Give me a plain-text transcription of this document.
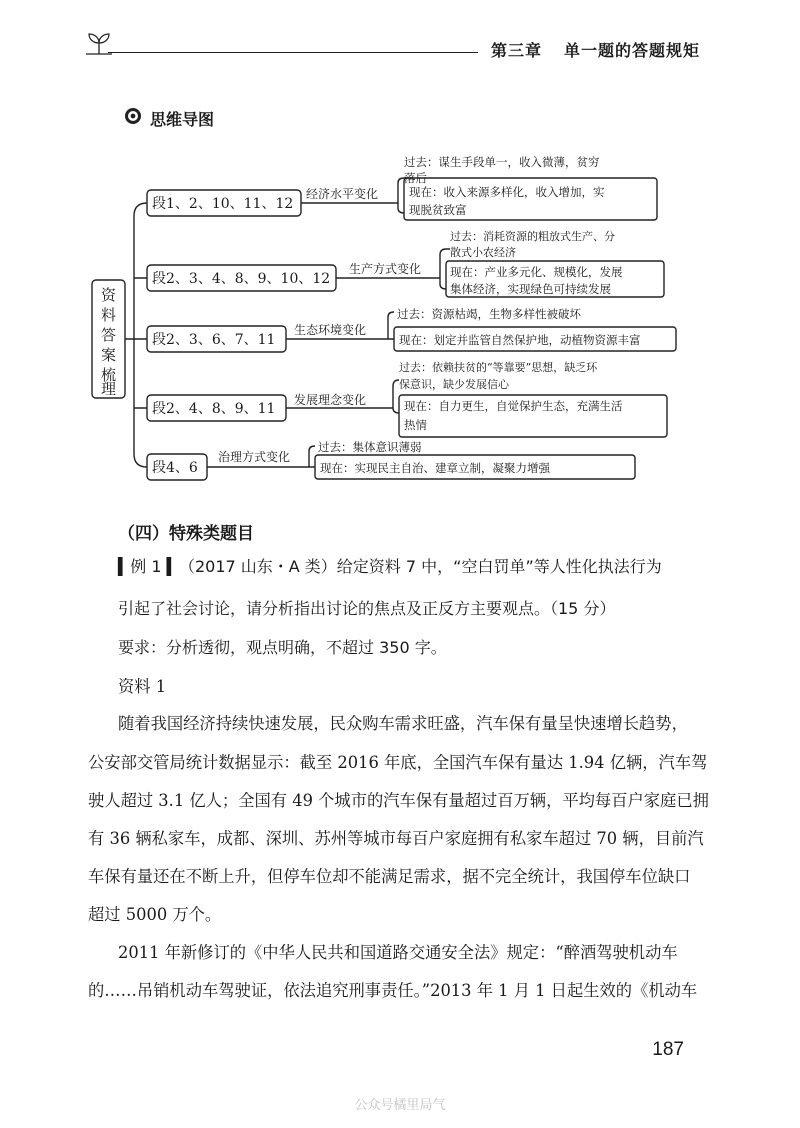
第三章 单一题的答题规矩
思维导图
资
料
答
案
梳
理
段1、2、10、11、12
经济水平变化
过去：谋生手段单一，收入微薄，贫穷
落后
现在：收入来源多样化，收入增加，实
现脱贫致富
段2、3、4、8、9、10、12
生产方式变化
过去：消耗资源的粗放式生产、分
散式小农经济
现在：产业多元化、规模化，发展
集体经济，实现绿色可持续发展
段2、3、6、7、11
生态环境变化
过去：资源枯竭，生物多样性被破坏
现在：划定并监管自然保护地，动植物资源丰富
段2、4、8、9、11
发展理念变化
过去：依赖扶贫的“等靠要”思想，缺乏环
保意识，缺少发展信心
现在：自力更生，自觉保护生态，充满生活
热情
段4、6
治理方式变化
过去：集体意识薄弱
现在：实现民主自治、建章立制，凝聚力增强
（四）特殊类题目
▍例 1 ▍（2017 山东・A 类）给定资料 7 中，“空白罚单”等人性化执法行为
引起了社会讨论，请分析指出讨论的焦点及正反方主要观点。（15 分）
要求：分析透彻，观点明确，不超过 350 字。
资料 1
随着我国经济持续快速发展，民众购车需求旺盛，汽车保有量呈快速增长趋势，
公安部交管局统计数据显示：截至 2016 年底，全国汽车保有量达 1.94 亿辆，汽车驾
驶人超过 3.1 亿人；全国有 49 个城市的汽车保有量超过百万辆，平均每百户家庭已拥
有 36 辆私家车，成都、深圳、苏州等城市每百户家庭拥有私家车超过 70 辆，目前汽
车保有量还在不断上升，但停车位却不能满足需求，据不完全统计，我国停车位缺口
超过 5000 万个。
2011 年新修订的《中华人民共和国道路交通安全法》规定：“醉酒驾驶机动车
的……吊销机动车驾驶证，依法追究刑事责任。”2013 年 1 月 1 日起生效的《机动车
187
公众号橘里局气
